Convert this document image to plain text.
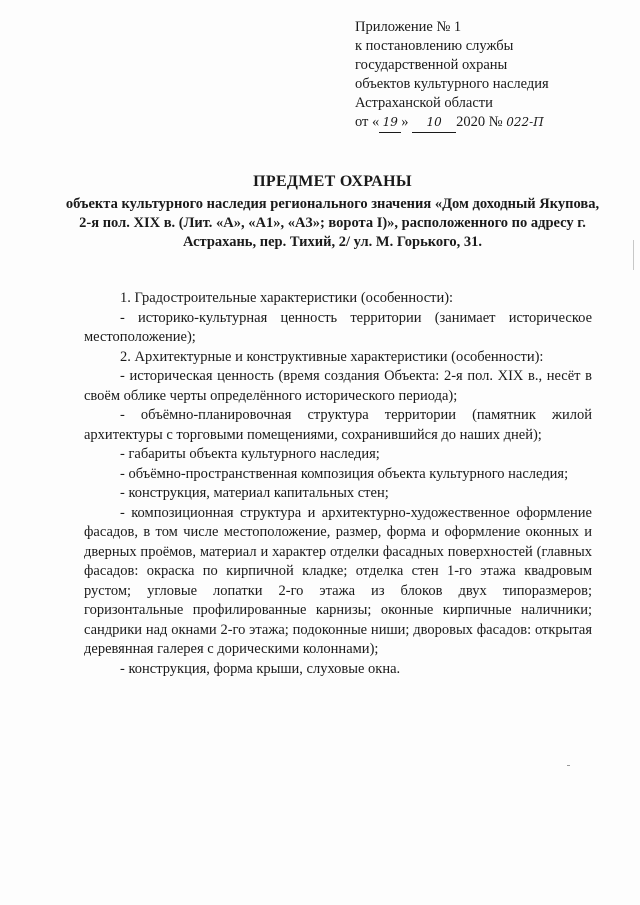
Приложение № 1
к постановлению службы
государственной охраны
объектов культурного наследия
Астраханской области
от « 19 » 10 2020 № 022-П
ПРЕДМЕТ ОХРАНЫ
объекта культурного наследия регионального значения «Дом доходный Якупова, 2-я пол. XIX в. (Лит. «А», «А1», «А3»; ворота I)», расположенного по адресу г. Астрахань, пер. Тихий, 2/ ул. М. Горького, 31.

1. Градостроительные характеристики (особенности):

- историко-культурная ценность территории (занимает историческое местоположение);

2. Архитектурные и конструктивные характеристики (особенности):

- историческая ценность (время создания Объекта: 2-я пол. XIX в., несёт в своём облике черты определённого исторического периода);

- объёмно-планировочная структура территории (памятник жилой архитектуры с торговыми помещениями, сохранившийся до наших дней);

- габариты объекта культурного наследия;

- объёмно-пространственная композиция объекта культурного наследия;

- конструкция, материал капитальных стен;

- композиционная структура и архитектурно-художественное оформление фасадов, в том числе местоположение, размер, форма и оформление оконных и дверных проёмов, материал и характер отделки фасадных поверхностей (главных фасадов: окраска по кирпичной кладке; отделка стен 1-го этажа квадровым рустом; угловые лопатки 2-го этажа из блоков двух типоразмеров; горизонтальные профилированные карнизы; оконные кирпичные наличники; сандрики над окнами 2-го этажа; подоконные ниши; дворовых фасадов: открытая деревянная галерея с дорическими колоннами);

- конструкция, форма крыши, слуховые окна.
